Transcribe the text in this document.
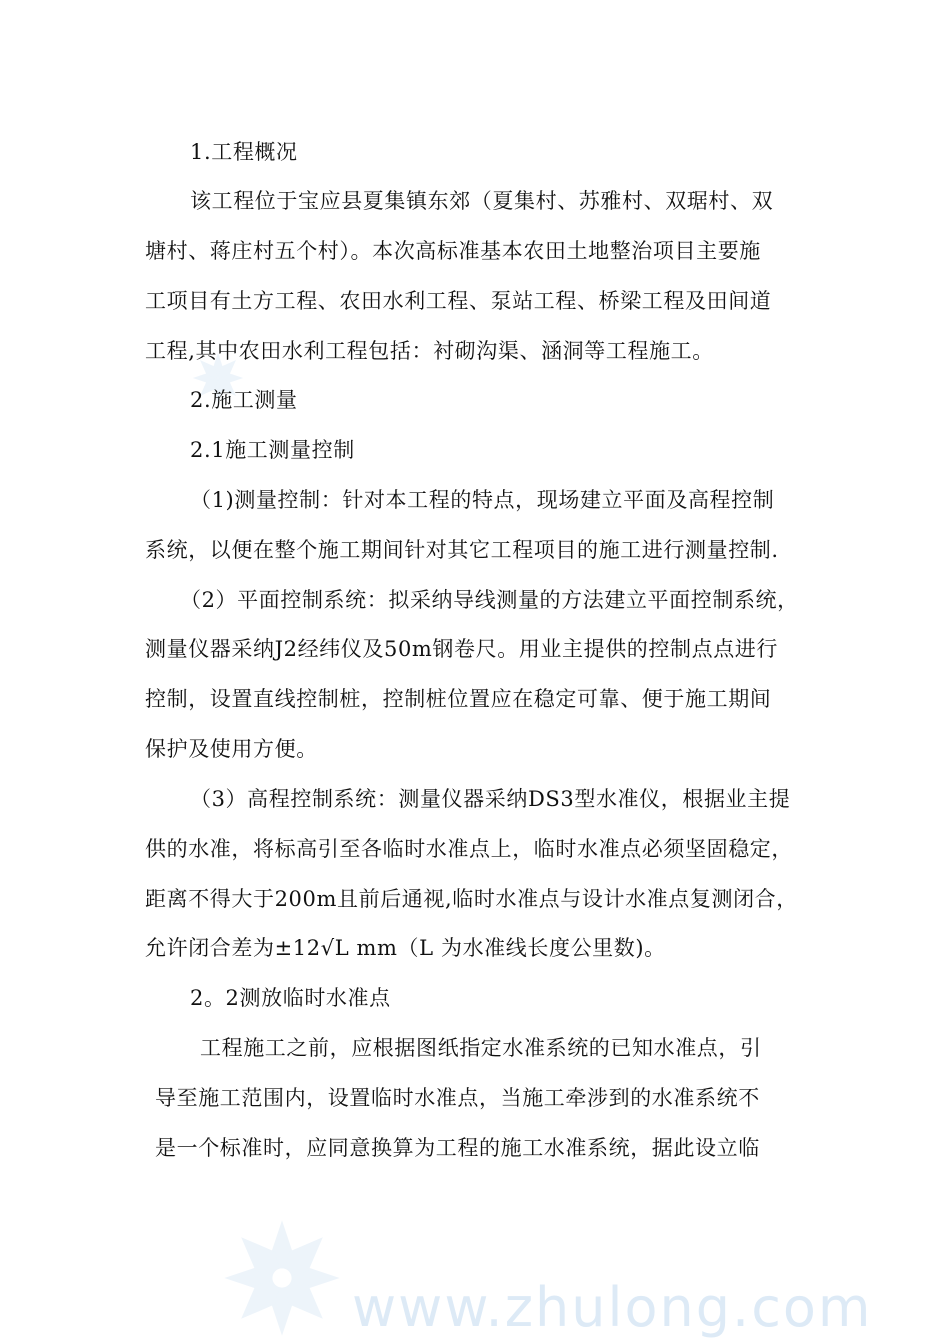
1.工程概况
该工程位于宝应县夏集镇东郊（夏集村、苏雅村、双琚村、双
塘村、蒋庄村五个村）。本次高标准基本农田土地整治项目主要施
工项目有土方工程、农田水利工程、泵站工程、桥梁工程及田间道
工程,其中农田水利工程包括：衬砌沟渠、涵洞等工程施工。
2.施工测量
2.1施工测量控制
（1)测量控制：针对本工程的特点，现场建立平面及高程控制
系统，以便在整个施工期间针对其它工程项目的施工进行测量控制.
（2）平面控制系统：拟采纳导线测量的方法建立平面控制系统，
测量仪器采纳J2经纬仪及50m钢卷尺。用业主提供的控制点点进行
控制，设置直线控制桩，控制桩位置应在稳定可靠、便于施工期间
保护及使用方便。
（3）高程控制系统：测量仪器采纳DS3型水准仪，根据业主提
供的水准，将标高引至各临时水准点上，临时水准点必须坚固稳定，
距离不得大于200m且前后通视,临时水准点与设计水准点复测闭合，
允许闭合差为±12√L mm（L 为水准线长度公里数)。
2。2测放临时水准点
工程施工之前，应根据图纸指定水准系统的已知水准点，引
导至施工范围内，设置临时水准点，当施工牵涉到的水准系统不
是一个标准时，应同意换算为工程的施工水准系统，据此设立临
www.zhulong.com
